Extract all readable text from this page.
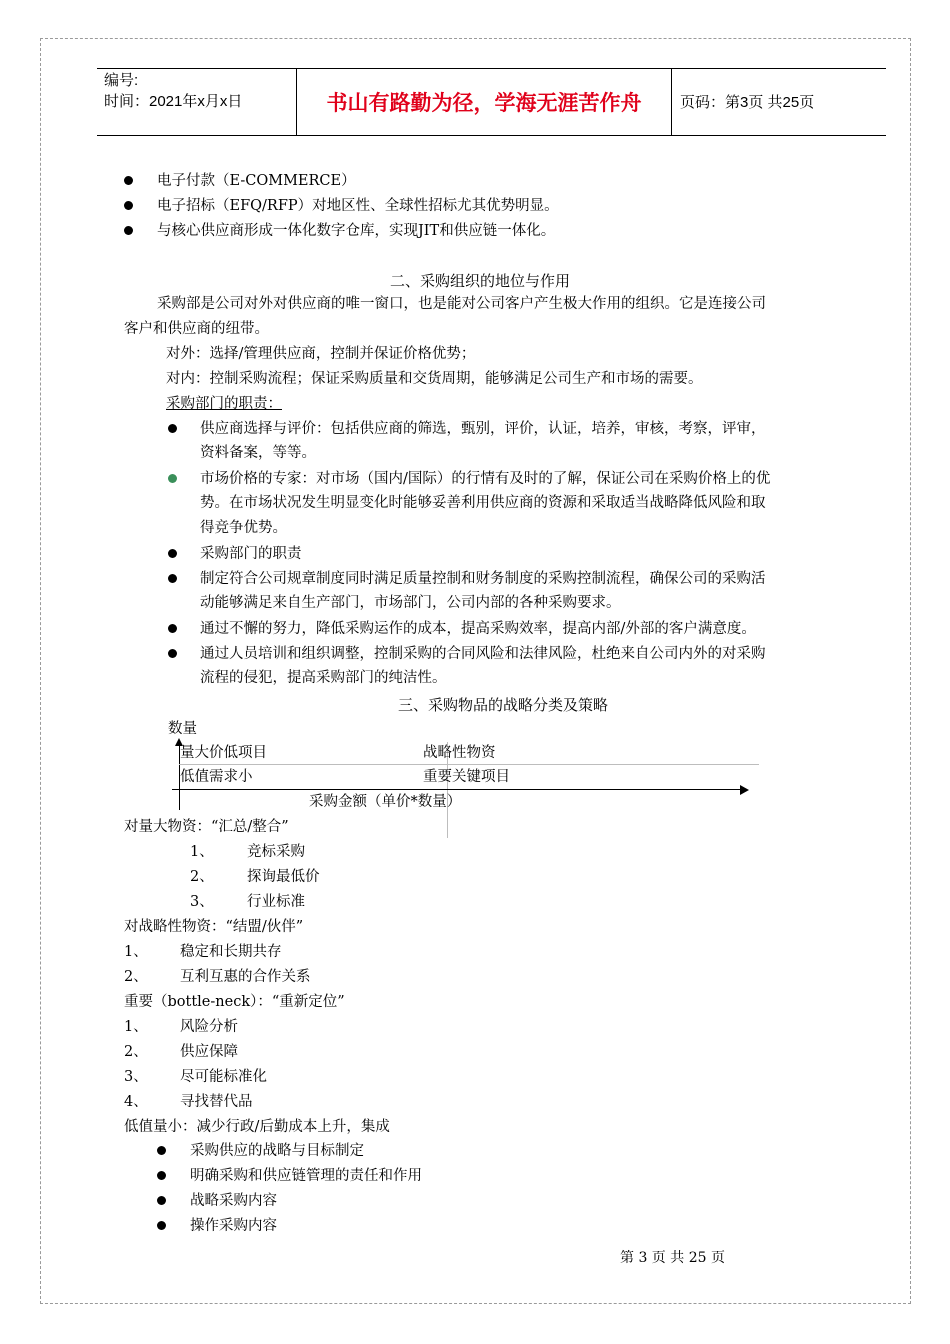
编号:
时间：2021年x月x日	书山有路勤为径，学海无涯苦作舟	页码：第3页 共25页
电子付款（E-COMMERCE）
电子招标（EFQ/RFP）对地区性、全球性招标尤其优势明显。
与核心供应商形成一体化数字仓库，实现JIT和供应链一体化。
二、采购组织的地位与作用
采购部是公司对外对供应商的唯一窗口，也是能对公司客户产生极大作用的组织。它是连接公司
客户和供应商的纽带。
对外：选择/管理供应商，控制并保证价格优势；
对内：控制采购流程；保证采购质量和交货周期，能够满足公司生产和市场的需要。
采购部门的职责：
供应商选择与评价：包括供应商的筛选，甄别，评价，认证，培养，审核，考察，评审，
资料备案，等等。
市场价格的专家：对市场（国内/国际）的行情有及时的了解，保证公司在采购价格上的优
势。在市场状况发生明显变化时能够妥善利用供应商的资源和采取适当战略降低风险和取
得竞争优势。
采购部门的职责
制定符合公司规章制度同时满足质量控制和财务制度的采购控制流程，确保公司的采购活
动能够满足来自生产部门，市场部门，公司内部的各种采购要求。
通过不懈的努力，降低采购运作的成本，提高采购效率，提高内部/外部的客户满意度。
通过人员培训和组织调整，控制采购的合同风险和法律风险，杜绝来自公司内外的对采购
流程的侵犯，提高采购部门的纯洁性。
三、采购物品的战略分类及策略
数量
量大价低项目	战略性物资
低值需求小	重要关键项目
采购金额（单价*数量）
对量大物资：“汇总/整合”
1、 竞标采购
2、 探询最低价
3、 行业标准
对战略性物资：“结盟/伙伴”
1、 稳定和长期共存
2、 互利互惠的合作关系
重要（bottle-neck）：“重新定位”
1、 风险分析
2、 供应保障
3、 尽可能标准化
4、 寻找替代品
低值量小：减少行政/后勤成本上升，集成
采购供应的战略与目标制定
明确采购和供应链管理的责任和作用
战略采购内容
操作采购内容
第 3 页 共 25 页
